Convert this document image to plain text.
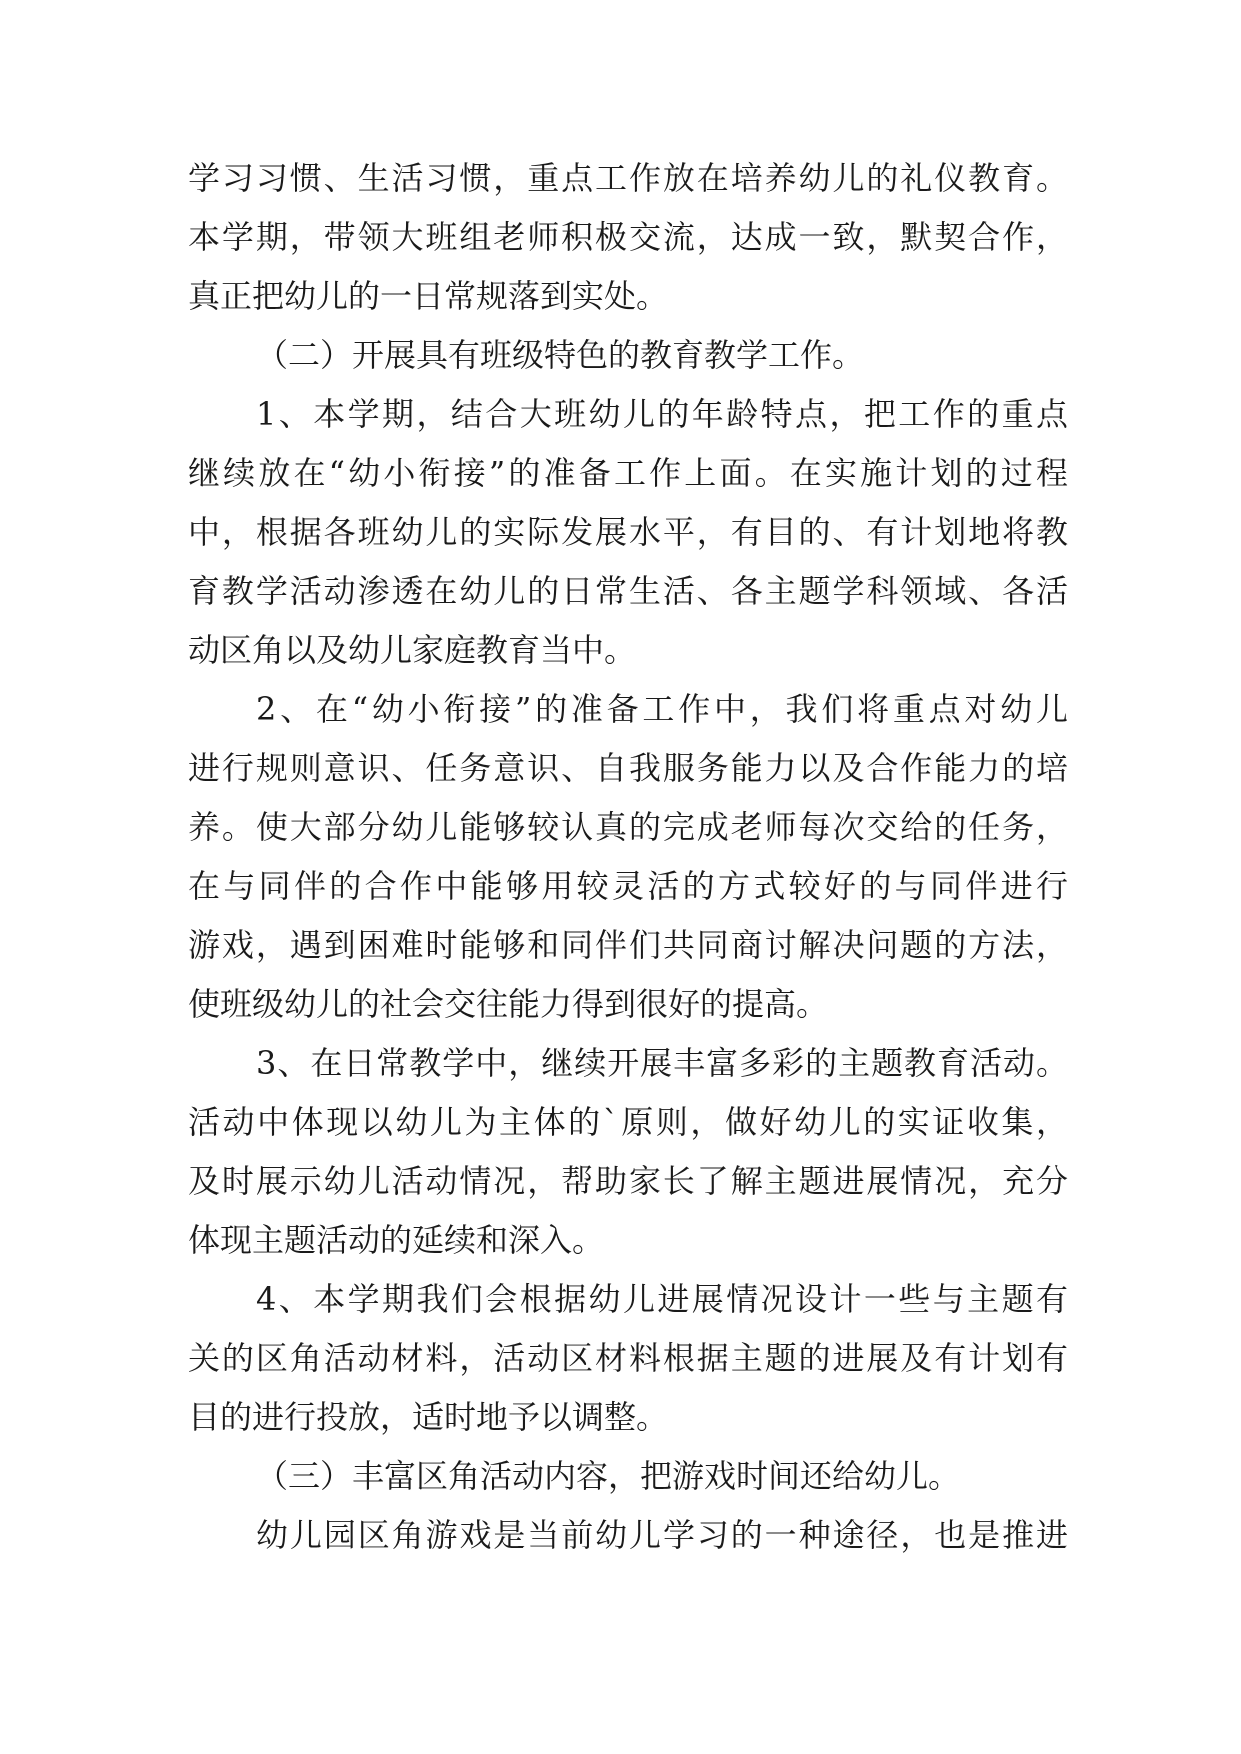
学习习惯、生活习惯，重点工作放在培养幼儿的礼仪教育。
本学期，带领大班组老师积极交流，达成一致，默契合作，
真正把幼儿的一日常规落到实处。
（二）开展具有班级特色的教育教学工作。
1、本学期，结合大班幼儿的年龄特点，把工作的重点
继续放在“幼小衔接”的准备工作上面。在实施计划的过程
中，根据各班幼儿的实际发展水平，有目的、有计划地将教
育教学活动渗透在幼儿的日常生活、各主题学科领域、各活
动区角以及幼儿家庭教育当中。
2、在“幼小衔接”的准备工作中，我们将重点对幼儿
进行规则意识、任务意识、自我服务能力以及合作能力的培
养。使大部分幼儿能够较认真的完成老师每次交给的任务，
在与同伴的合作中能够用较灵活的方式较好的与同伴进行
游戏，遇到困难时能够和同伴们共同商讨解决问题的方法，
使班级幼儿的社会交往能力得到很好的提高。
3、在日常教学中，继续开展丰富多彩的主题教育活动。
活动中体现以幼儿为主体的`原则，做好幼儿的实证收集，
及时展示幼儿活动情况，帮助家长了解主题进展情况，充分
体现主题活动的延续和深入。
4、本学期我们会根据幼儿进展情况设计一些与主题有
关的区角活动材料，活动区材料根据主题的进展及有计划有
目的进行投放，适时地予以调整。
（三）丰富区角活动内容，把游戏时间还给幼儿。
幼儿园区角游戏是当前幼儿学习的一种途径，也是推进
